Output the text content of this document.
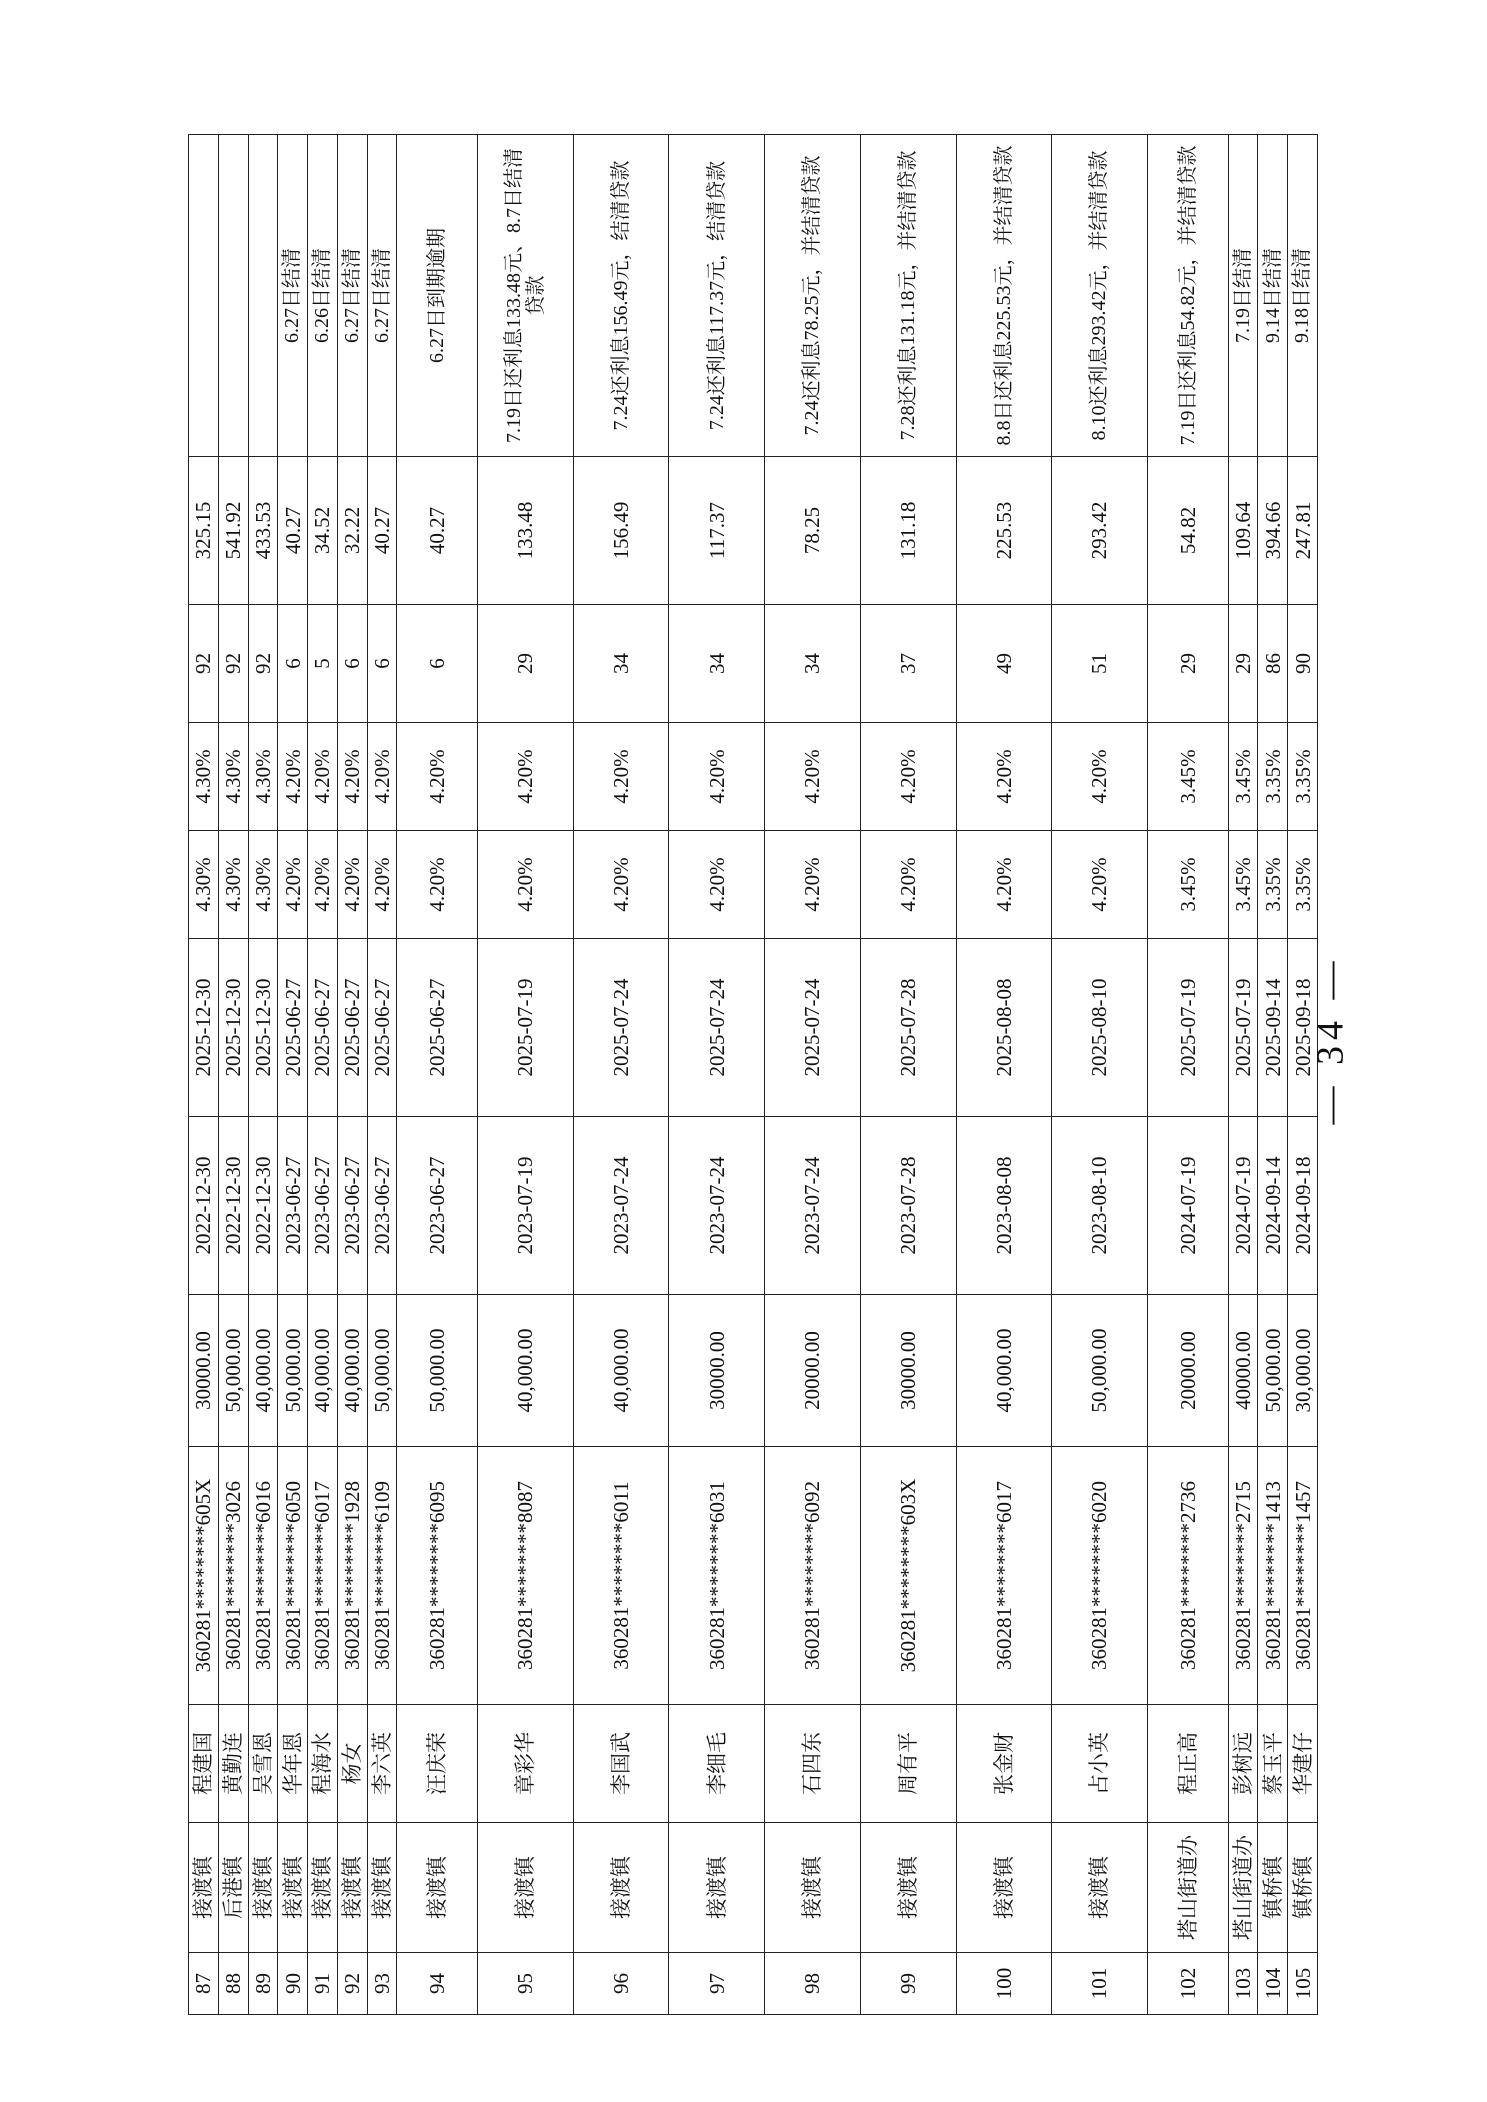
87	接渡镇	程建国	360281********605X	30000.00	2022-12-30	2025-12-30	4.30%	4.30%	92	325.15	
88	后港镇	黄勤连	360281********3026	50,000.00	2022-12-30	2025-12-30	4.30%	4.30%	92	541.92	
89	接渡镇	吴雪恩	360281********6016	40,000.00	2022-12-30	2025-12-30	4.30%	4.30%	92	433.53	
90	接渡镇	华年恩	360281********6050	50,000.00	2023-06-27	2025-06-27	4.20%	4.20%	6	40.27	6.27日结清
91	接渡镇	程海水	360281********6017	40,000.00	2023-06-27	2025-06-27	4.20%	4.20%	5	34.52	6.26日结清
92	接渡镇	杨女	360281********1928	40,000.00	2023-06-27	2025-06-27	4.20%	4.20%	6	32.22	6.27日结清
93	接渡镇	李六英	360281********6109	50,000.00	2023-06-27	2025-06-27	4.20%	4.20%	6	40.27	6.27日结清
94	接渡镇	汪庆荣	360281********6095	50,000.00	2023-06-27	2025-06-27	4.20%	4.20%	6	40.27	6.27日到期逾期
95	接渡镇	章彩华	360281********8087	40,000.00	2023-07-19	2025-07-19	4.20%	4.20%	29	133.48	7.19日还利息133.48元、8.7日结清贷款
96	接渡镇	李国武	360281********6011	40,000.00	2023-07-24	2025-07-24	4.20%	4.20%	34	156.49	7.24还利息156.49元，结清贷款
97	接渡镇	李细毛	360281********6031	30000.00	2023-07-24	2025-07-24	4.20%	4.20%	34	117.37	7.24还利息117.37元，结清贷款
98	接渡镇	石四东	360281********6092	20000.00	2023-07-24	2025-07-24	4.20%	4.20%	34	78.25	7.24还利息78.25元，并结清贷款
99	接渡镇	周有平	360281********603X	30000.00	2023-07-28	2025-07-28	4.20%	4.20%	37	131.18	7.28还利息131.18元，并结清贷款
100	接渡镇	张金财	360281********6017	40,000.00	2023-08-08	2025-08-08	4.20%	4.20%	49	225.53	8.8日还利息225.53元，并结清贷款
101	接渡镇	占小英	360281********6020	50,000.00	2023-08-10	2025-08-10	4.20%	4.20%	51	293.42	8.10还利息293.42元，并结清贷款
102	塔山街道办	程正高	360281********2736	20000.00	2024-07-19	2025-07-19	3.45%	3.45%	29	54.82	7.19日还利息54.82元，并结清贷款
103	塔山街道办	彭树远	360281********2715	40000.00	2024-07-19	2025-07-19	3.45%	3.45%	29	109.64	7.19日结清
104	镇桥镇	蔡玉平	360281********1413	50,000.00	2024-09-14	2025-09-14	3.35%	3.35%	86	394.66	9.14日结清
105	镇桥镇	华建仔	360281********1457	30,000.00	2024-09-18	2025-09-18	3.35%	3.35%	90	247.81	9.18日结清
— 34 —
